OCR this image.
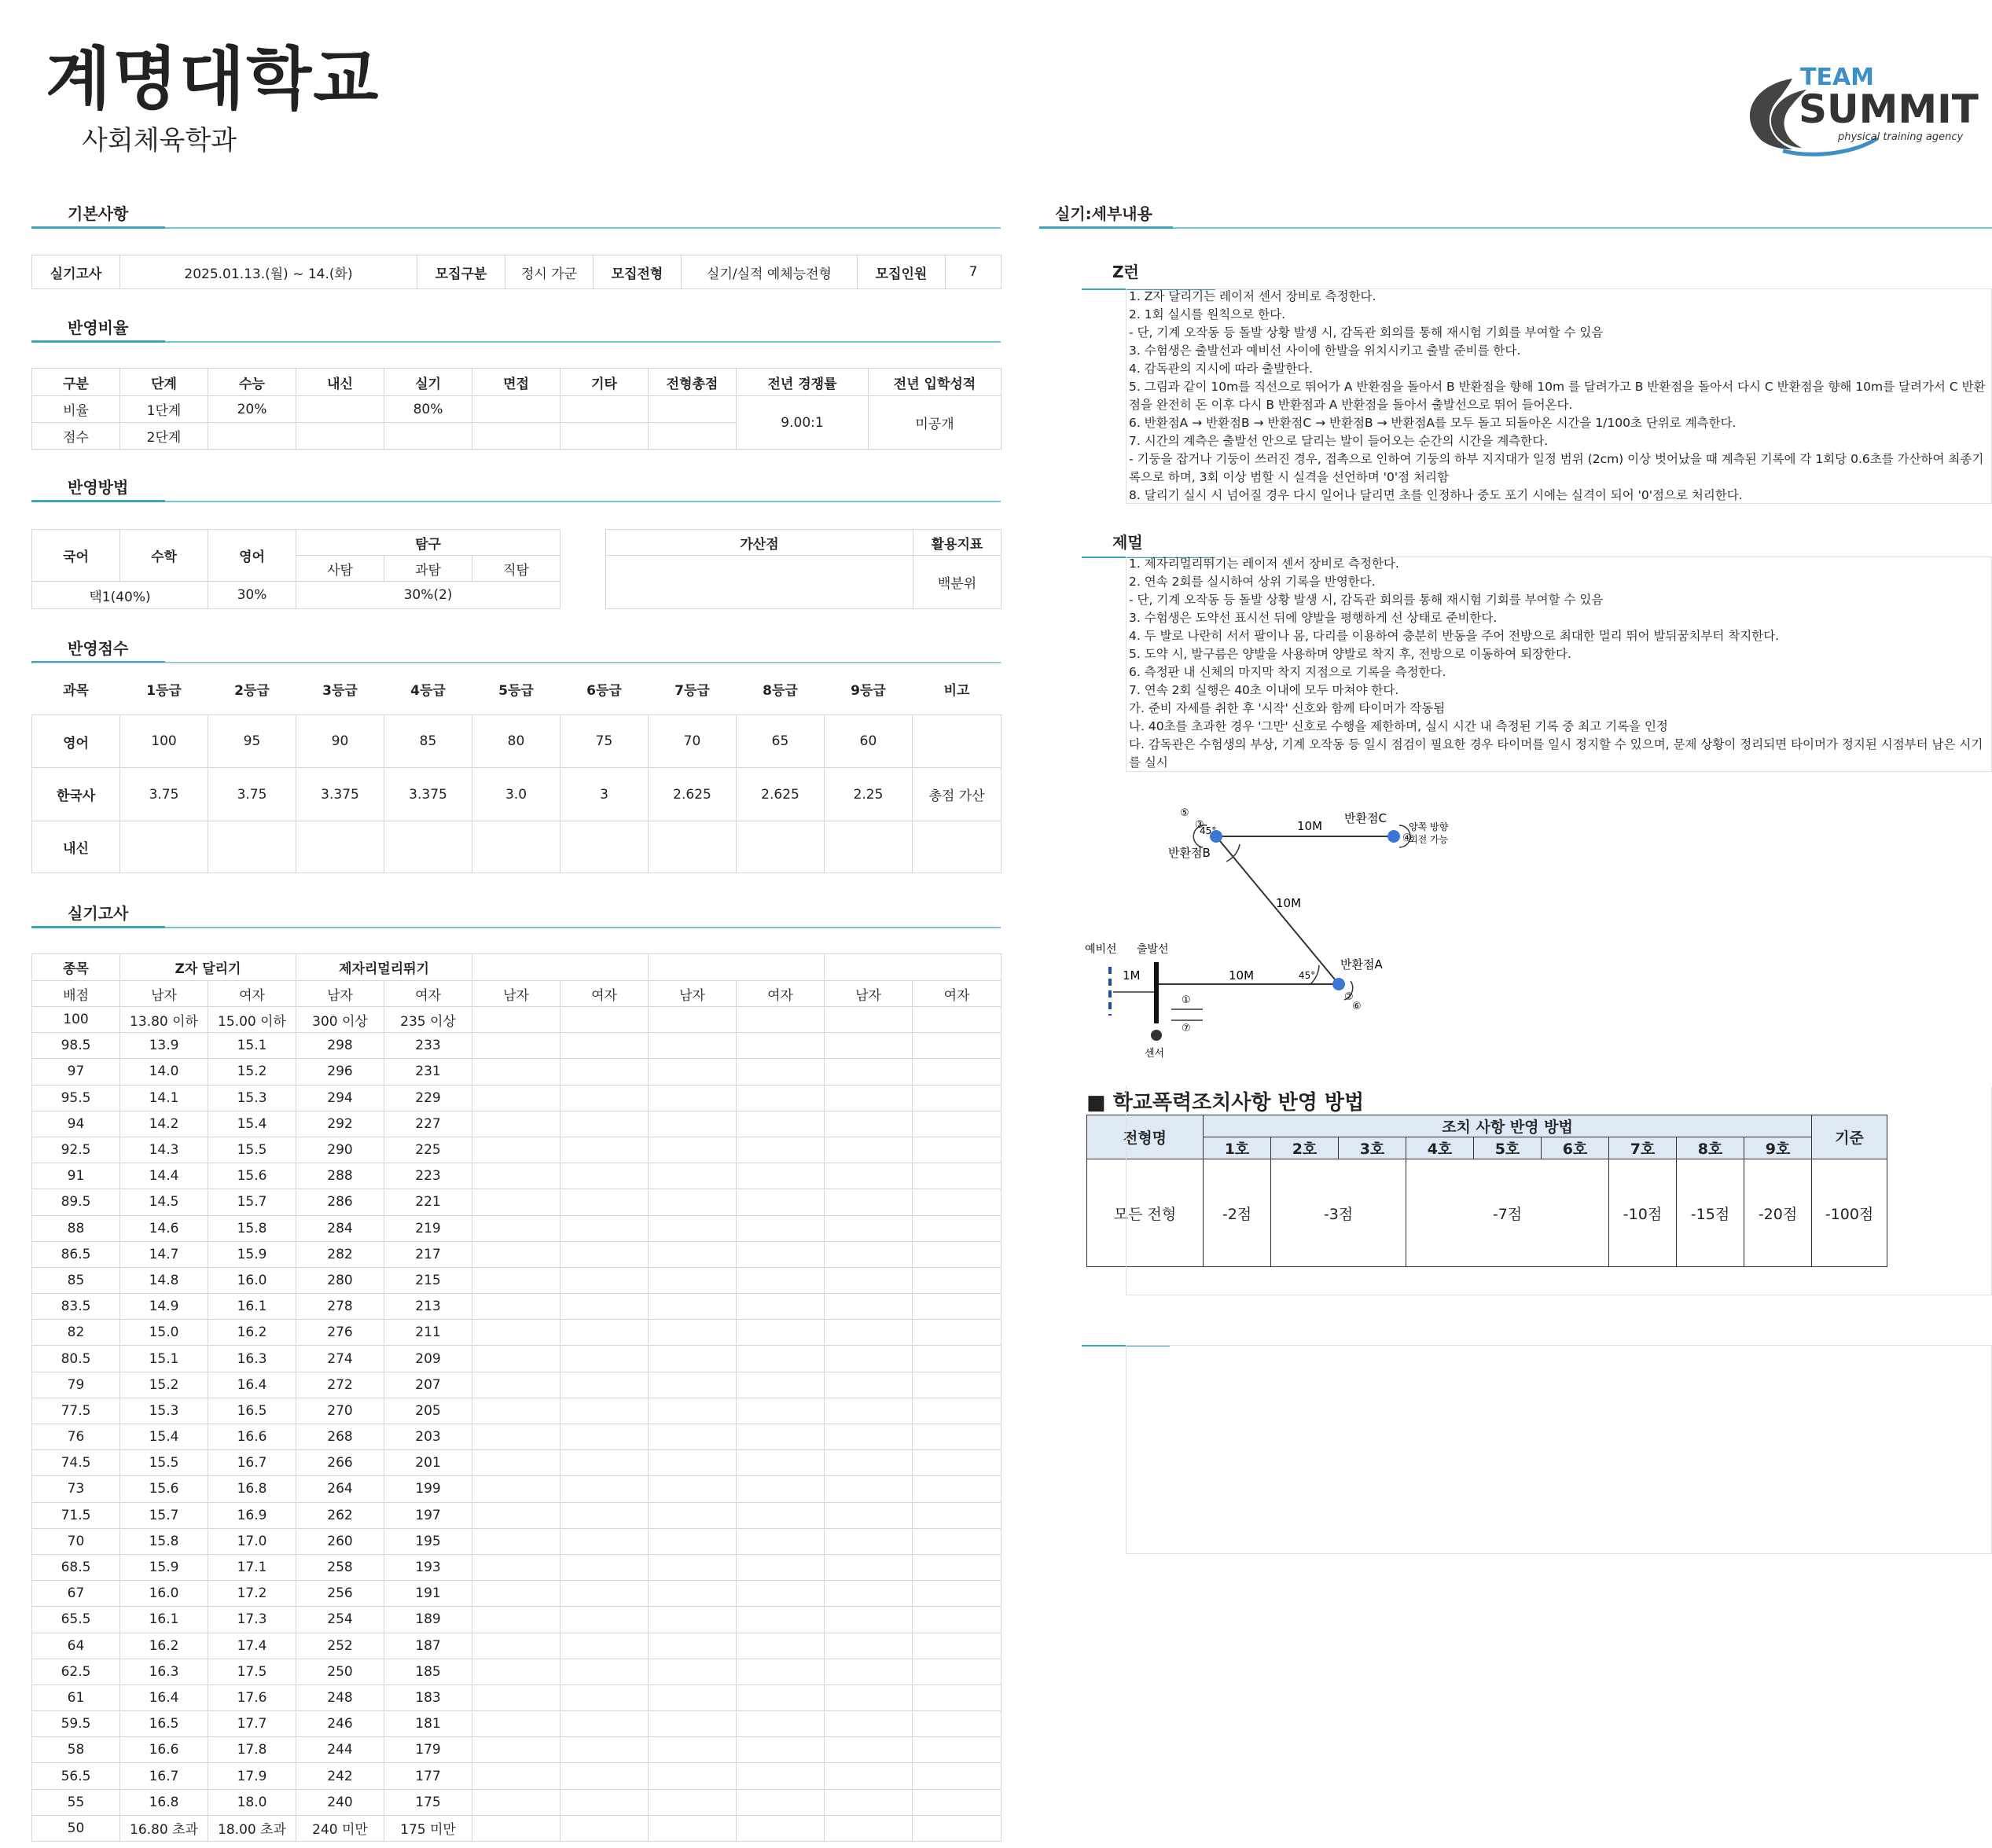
계명대학교
사회체육학과
TEAM
SUMMIT
physical training agency
기본사항
실기고사	2025.01.13.(월) ~ 14.(화)	모집구분	정시 가군	모집전형	실기/실적 예체능전형	모집인원	7
반영비율
구분	단계	수능	내신	실기	면접	기타	전형총점	전년 경쟁률	전년 입학성적
비율	1단계	20%		80%				9.00:1	미공개
점수	2단계								
반영방법
국어	수학	영어	탐구		
			사탐	과탐	직탐
택1(40%)		30%	30%(2)		
가산점	활용지표
	백분위
반영점수
과목	1등급	2등급	3등급	4등급	5등급	6등급	7등급	8등급	9등급	비고
영어	100	95	90	85	80	75	70	65	60	
한국사	3.75	3.75	3.375	3.375	3.0	3	2.625	2.625	2.25	총점 가산
내신										
실기고사
종목	Z자 달리기		제자리멀리뛰기							
배점	남자	여자	남자	여자	남자	여자	남자	여자	남자	여자
100	13.80 이하	15.00 이하	300 이상	235 이상						
98.5	13.9	15.1	298	233						
97	14.0	15.2	296	231						
95.5	14.1	15.3	294	229						
94	14.2	15.4	292	227						
92.5	14.3	15.5	290	225						
91	14.4	15.6	288	223						
89.5	14.5	15.7	286	221						
88	14.6	15.8	284	219						
86.5	14.7	15.9	282	217						
85	14.8	16.0	280	215						
83.5	14.9	16.1	278	213						
82	15.0	16.2	276	211						
80.5	15.1	16.3	274	209						
79	15.2	16.4	272	207						
77.5	15.3	16.5	270	205						
76	15.4	16.6	268	203						
74.5	15.5	16.7	266	201						
73	15.6	16.8	264	199						
71.5	15.7	16.9	262	197						
70	15.8	17.0	260	195						
68.5	15.9	17.1	258	193						
67	16.0	17.2	256	191						
65.5	16.1	17.3	254	189						
64	16.2	17.4	252	187						
62.5	16.3	17.5	250	185						
61	16.4	17.6	248	183						
59.5	16.5	17.7	246	181						
58	16.6	17.8	244	179						
56.5	16.7	17.9	242	177						
55	16.8	18.0	240	175						
50	16.80 초과	18.00 초과	240 미만	175 미만						
실기:세부내용
Z런
1. Z자 달리기는 레이저 센서 장비로 측정한다.
2. 1회 실시를 원칙으로 한다.
- 단, 기계 오작동 등 돌발 상황 발생 시, 감독관 회의를 통해 재시험 기회를 부여할 수 있음
3. 수험생은 출발선과 예비선 사이에 한발을 위치시키고 출발 준비를 한다.
4. 감독관의 지시에 따라 출발한다.
5. 그림과 같이 10m를 직선으로 뛰어가 A 반환점을 돌아서 B 반환점을 향해 10m 를 달려가고 B 반환점을 돌아서 다시 C 반환점을 향해 10m를 달려가서 C 반환점을 완전히 돈 이후 다시 B 반환점과 A 반환점을 돌아서 출발선으로 뛰어 들어온다.
6. 반환점A → 반환점B → 반환점C → 반환점B → 반환점A를 모두 돌고 되돌아온 시간을 1/100초 단위로 계측한다.
7. 시간의 계측은 출발선 안으로 달리는 발이 들어오는 순간의 시간을 계측한다.
- 기둥을 잡거나 기둥이 쓰러진 경우, 접촉으로 인하여 기둥의 하부 지지대가 일정 범위 (2cm) 이상 벗어났을 때 계측된 기록에 각 1회당 0.6초를 가산하여 최종기록으로 하며, 3회 이상 범할 시 실격을 선언하며 '0'점 처리함
8. 달리기 실시 시 넘어질 경우 다시 일어나 달리면 초를 인정하나 중도 포기 시에는 실격이 되어 '0'점으로 처리한다.
제멀
1. 제자리멀리뛰기는 레이저 센서 장비로 측정한다.
2. 연속 2회를 실시하여 상위 기록을 반영한다.
- 단, 기계 오작동 등 돌발 상황 발생 시, 감독관 회의를 통해 재시험 기회를 부여할 수 있음
3. 수험생은 도약선 표시선 뒤에 양발을 평행하게 선 상태로 준비한다.
4. 두 발로 나란히 서서 팔이나 몸, 다리를 이용하여 충분히 반동을 주어 전방으로 최대한 멀리 뛰어 발뒤꿈치부터 착지한다.
5. 도약 시, 발구름은 양발을 사용하며 양발로 착지 후, 전방으로 이동하여 퇴장한다.
6. 측정판 내 신체의 마지막 착지 지점으로 기록을 측정한다.
7. 연속 2회 실행은 40초 이내에 모두 마쳐야 한다.
가. 준비 자세를 취한 후 '시작' 신호와 함께 타이머가 작동됨
나. 40초를 초과한 경우 '그만' 신호로 수행을 제한하며, 실시 시간 내 측정된 기록 중 최고 기록을 인정
다. 감독관은 수험생의 부상, 기계 오작동 등 일시 점검이 필요한 경우 타이머를 일시 정지할 수 있으며, 문제 상황이 정리되면 타이머가 정지된 시점부터 남은 시기를 실시
10M
10M
10M
1M
반환점C
반환점B
반환점A
45°
45°
예비선 출발선
센서
양쪽 방향
회전 가능
①	②
③
④
⑤
⑥
⑦
■ 학교폭력조치사항 반영 방법
전형명	조치 사항 반영 방법									기준	
	1호	2호	3호	4호	5호	6호	7호	8호	9호		
모든 전형	-2점	-3점		-7점			-10점	-15점	-20점	-100점	
